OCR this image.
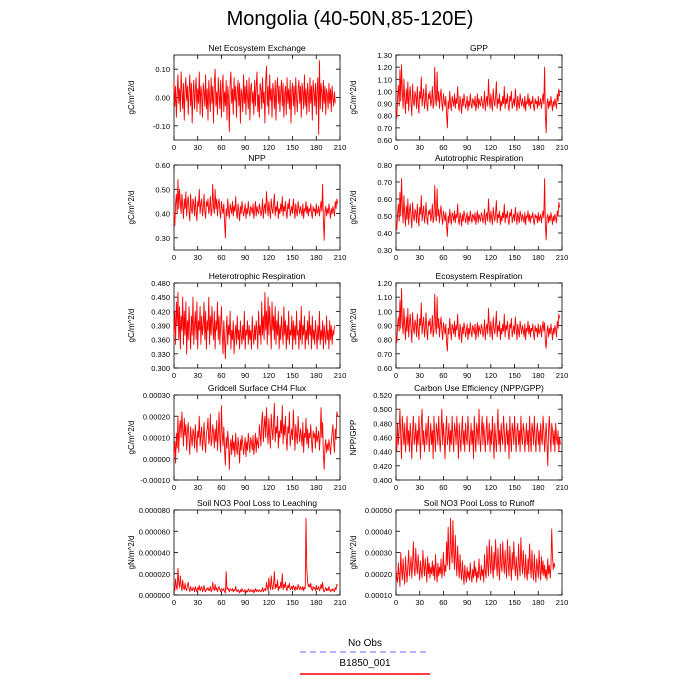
Mongolia (40-50N,85-120E)
Net Ecosystem Exchange
gC/m^2/d
0 30 60 90 120 150 180 210
-0.10
0.00
0.10
GPP
gC/m^2/d
0 30 60 90 120 150 180 210
0.60
0.70
0.80
0.90
1.00
1.10
1.20
1.30
NPP
gC/m^2/d
0 30 60 90 120 150 180 210
0.30
0.40
0.50
0.60
Autotrophic Respiration
gC/m^2/d
0 30 60 90 120 150 180 210
0.30
0.40
0.50
0.60
0.70
0.80
Heterotrophic Respiration
gC/m^2/d
0 30 60 90 120 150 180 210
0.300
0.330
0.360
0.390
0.420
0.450
0.480
Ecosystem Respiration
gC/m^2/d
0 30 60 90 120 150 180 210
0.60
0.70
0.80
0.90
1.00
1.10
1.20
Gridcell Surface CH4 Flux
gC/m^2/d
0 30 60 90 120 150 180 210
-0.00010
0.00000
0.00010
0.00020
0.00030
Carbon Use Efficiency (NPP/GPP)
NPP/GPP
0 30 60 90 120 150 180 210
0.400
0.420
0.440
0.460
0.480
0.500
0.520
Soil NO3 Pool Loss to Leaching
gN/m^2/d
0 30 60 90 120 150 180 210
0.000000
0.000020
0.000040
0.000060
0.000080
Soil NO3 Pool Loss to Runoff
gN/m^2/d
0 30 60 90 120 150 180 210
0.00010
0.00020
0.00030
0.00040
0.00050
No Obs
B1850_001
